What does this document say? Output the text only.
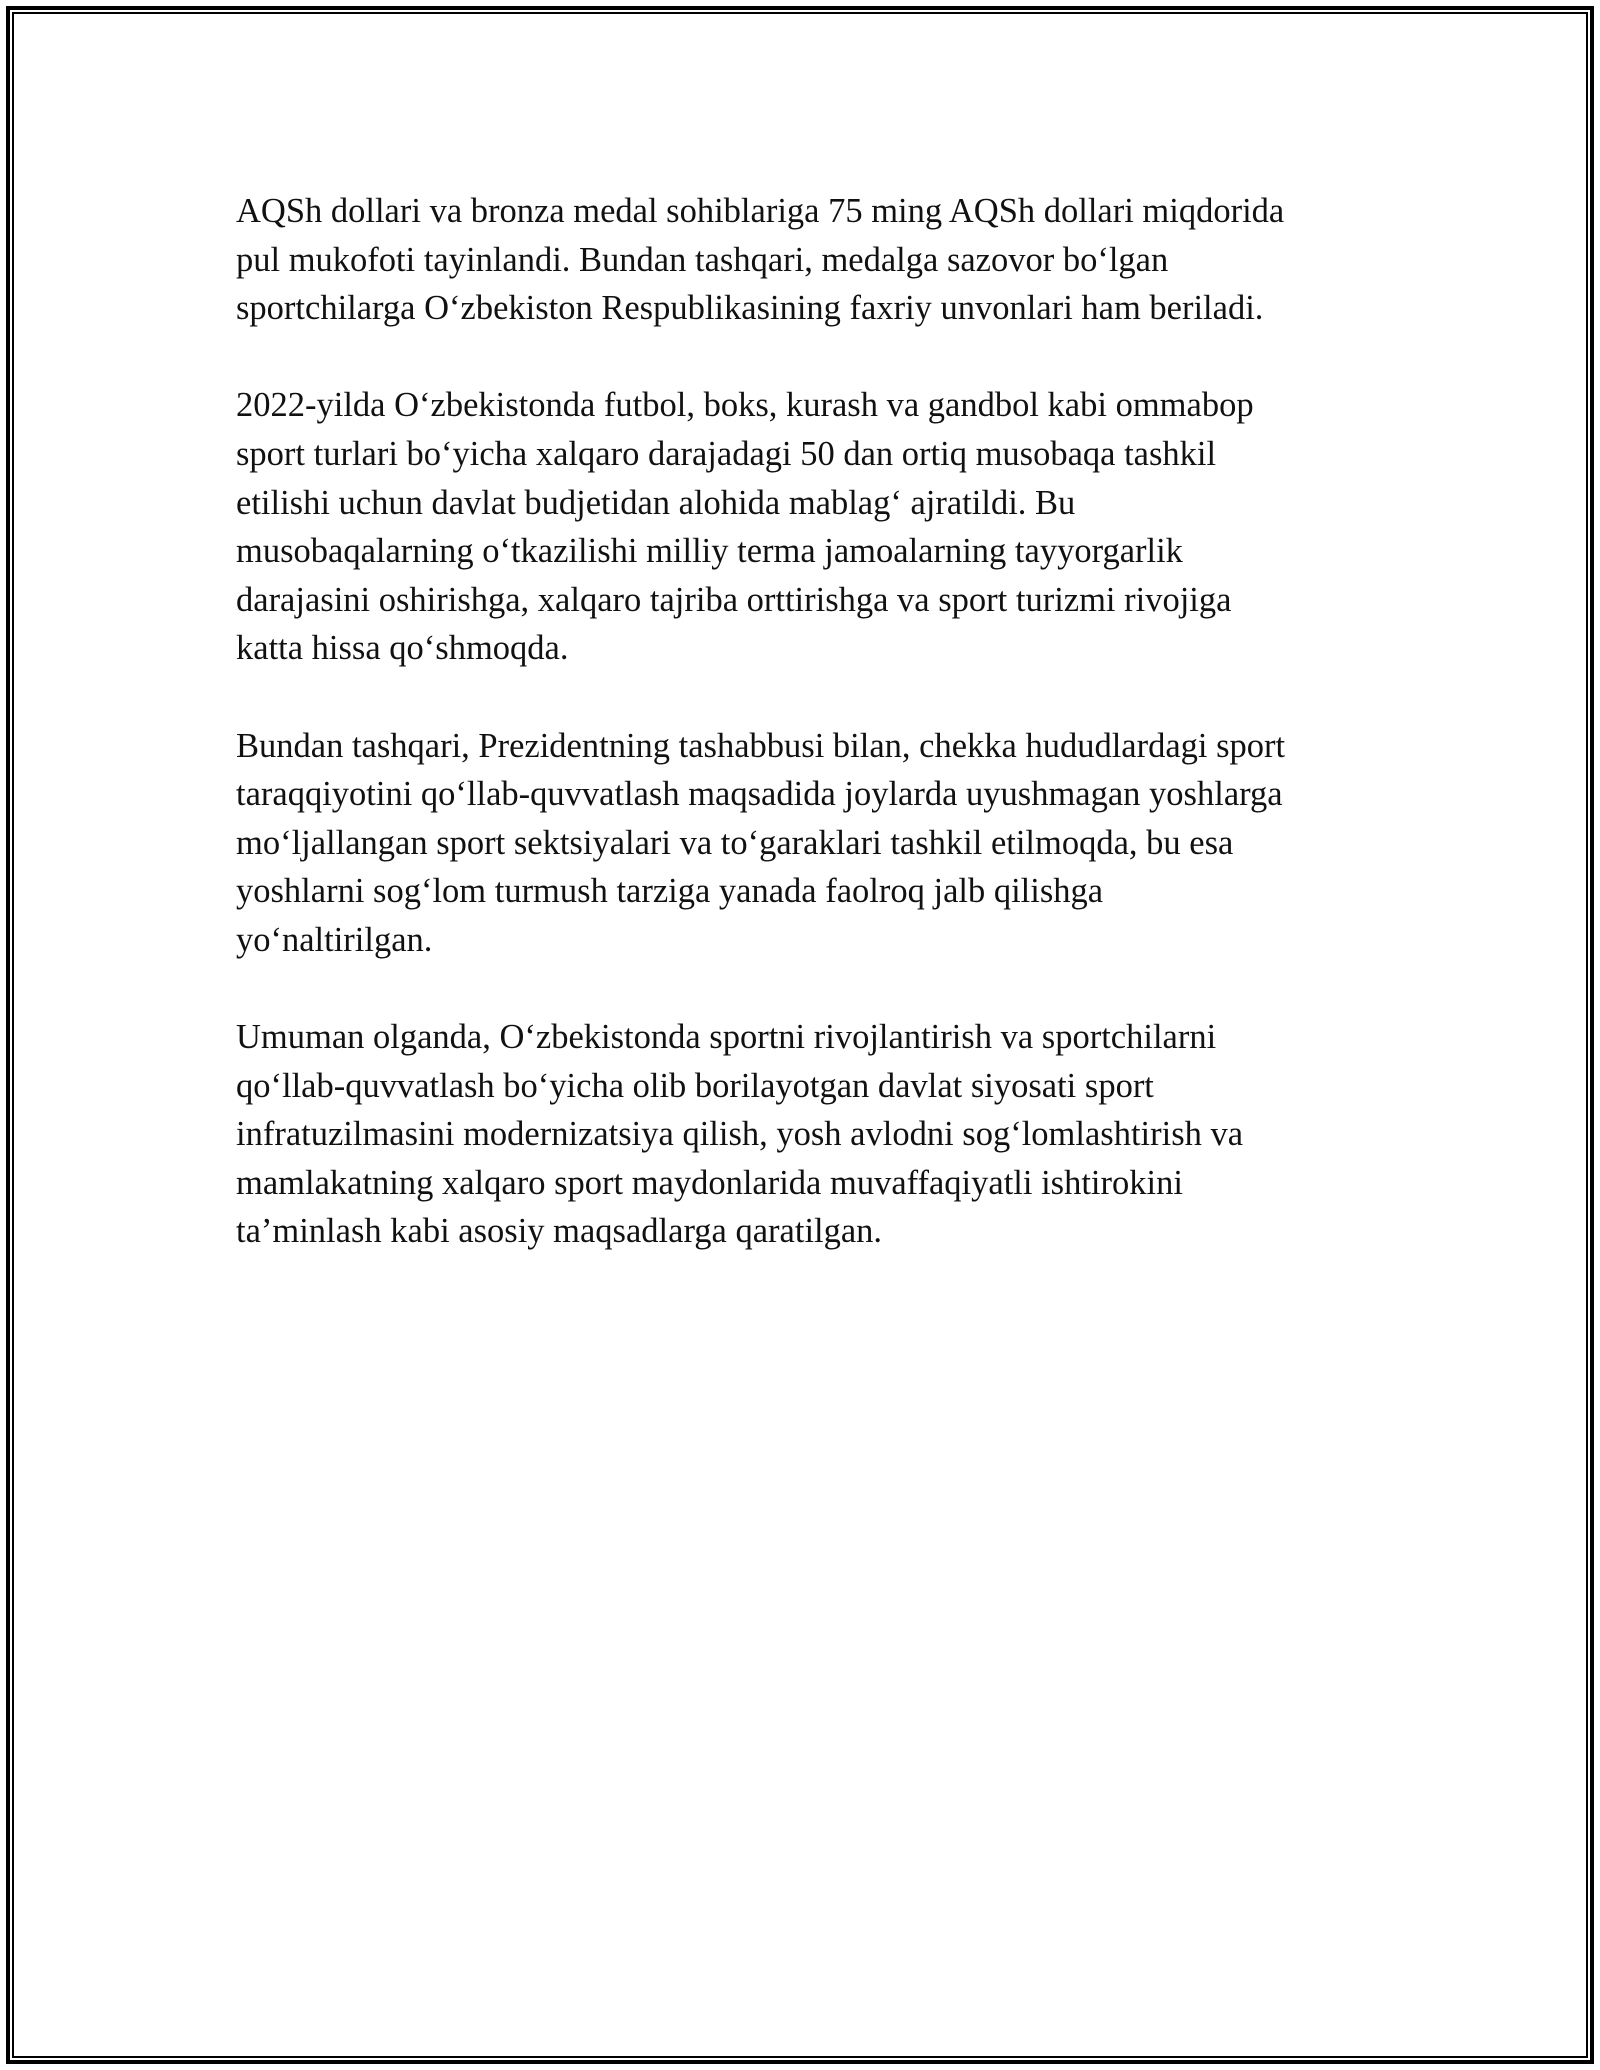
AQSh dollari va bronza medal sohiblariga 75 ming AQSh dollari miqdorida
pul mukofoti tayinlandi. Bundan tashqari, medalga sazovor bo‘lgan
sportchilarga O‘zbekiston Respublikasining faxriy unvonlari ham beriladi.

2022-yilda O‘zbekistonda futbol, boks, kurash va gandbol kabi ommabop
sport turlari bo‘yicha xalqaro darajadagi 50 dan ortiq musobaqa tashkil
etilishi uchun davlat budjetidan alohida mablag‘ ajratildi. Bu
musobaqalarning o‘tkazilishi milliy terma jamoalarning tayyorgarlik
darajasini oshirishga, xalqaro tajriba orttirishga va sport turizmi rivojiga
katta hissa qo‘shmoqda.

Bundan tashqari, Prezidentning tashabbusi bilan, chekka hududlardagi sport
taraqqiyotini qo‘llab-quvvatlash maqsadida joylarda uyushmagan yoshlarga
mo‘ljallangan sport sektsiyalari va to‘garaklari tashkil etilmoqda, bu esa
yoshlarni sog‘lom turmush tarziga yanada faolroq jalb qilishga
yo‘naltirilgan.

Umuman olganda, O‘zbekistonda sportni rivojlantirish va sportchilarni
qo‘llab-quvvatlash bo‘yicha olib borilayotgan davlat siyosati sport
infratuzilmasini modernizatsiya qilish, yosh avlodni sog‘lomlashtirish va
mamlakatning xalqaro sport maydonlarida muvaffaqiyatli ishtirokini
ta’minlash kabi asosiy maqsadlarga qaratilgan.
